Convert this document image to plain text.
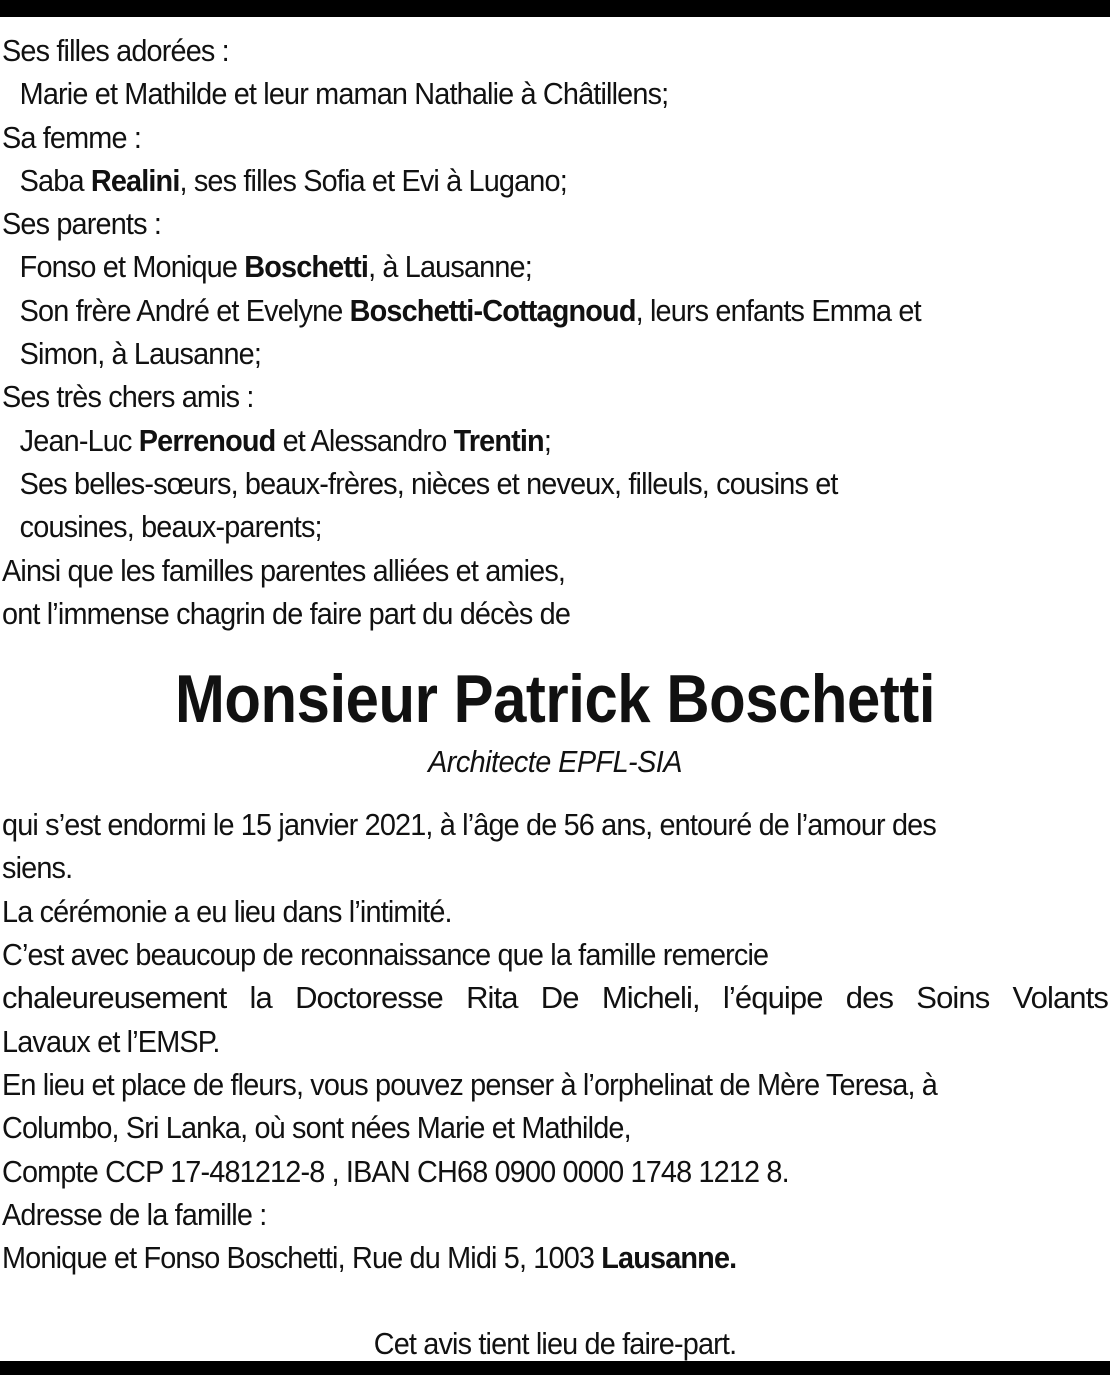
Ses filles adorées :
Marie et Mathilde et leur maman Nathalie à Châtillens;
Sa femme :
Saba Realini, ses filles Sofia et Evi à Lugano;
Ses parents :
Fonso et Monique Boschetti, à Lausanne;
Son frère André et Evelyne Boschetti-Cottagnoud, leurs enfants Emma et
Simon, à Lausanne;
Ses très chers amis :
Jean-Luc Perrenoud et Alessandro Trentin;
Ses belles-sœurs, beaux-frères, nièces et neveux, filleuls, cousins et
cousines, beaux-parents;
Ainsi que les familles parentes alliées et amies,
ont l’immense chagrin de faire part du décès de
Monsieur Patrick Boschetti
Architecte EPFL-SIA
qui s’est endormi le 15 janvier 2021, à l’âge de 56 ans, entouré de l’amour des
siens.
La cérémonie a eu lieu dans l’intimité.
C’est avec beaucoup de reconnaissance que la famille remercie
chaleureusement la Doctoresse Rita De Micheli, l’équipe des Soins Volants
Lavaux et l’EMSP.
En lieu et place de fleurs, vous pouvez penser à l’orphelinat de Mère Teresa, à
Columbo, Sri Lanka, où sont nées Marie et Mathilde,
Compte CCP 17-481212-8 , IBAN CH68 0900 0000 1748 1212 8.
Adresse de la famille :
Monique et Fonso Boschetti, Rue du Midi 5, 1003 Lausanne.
Cet avis tient lieu de faire-part.
